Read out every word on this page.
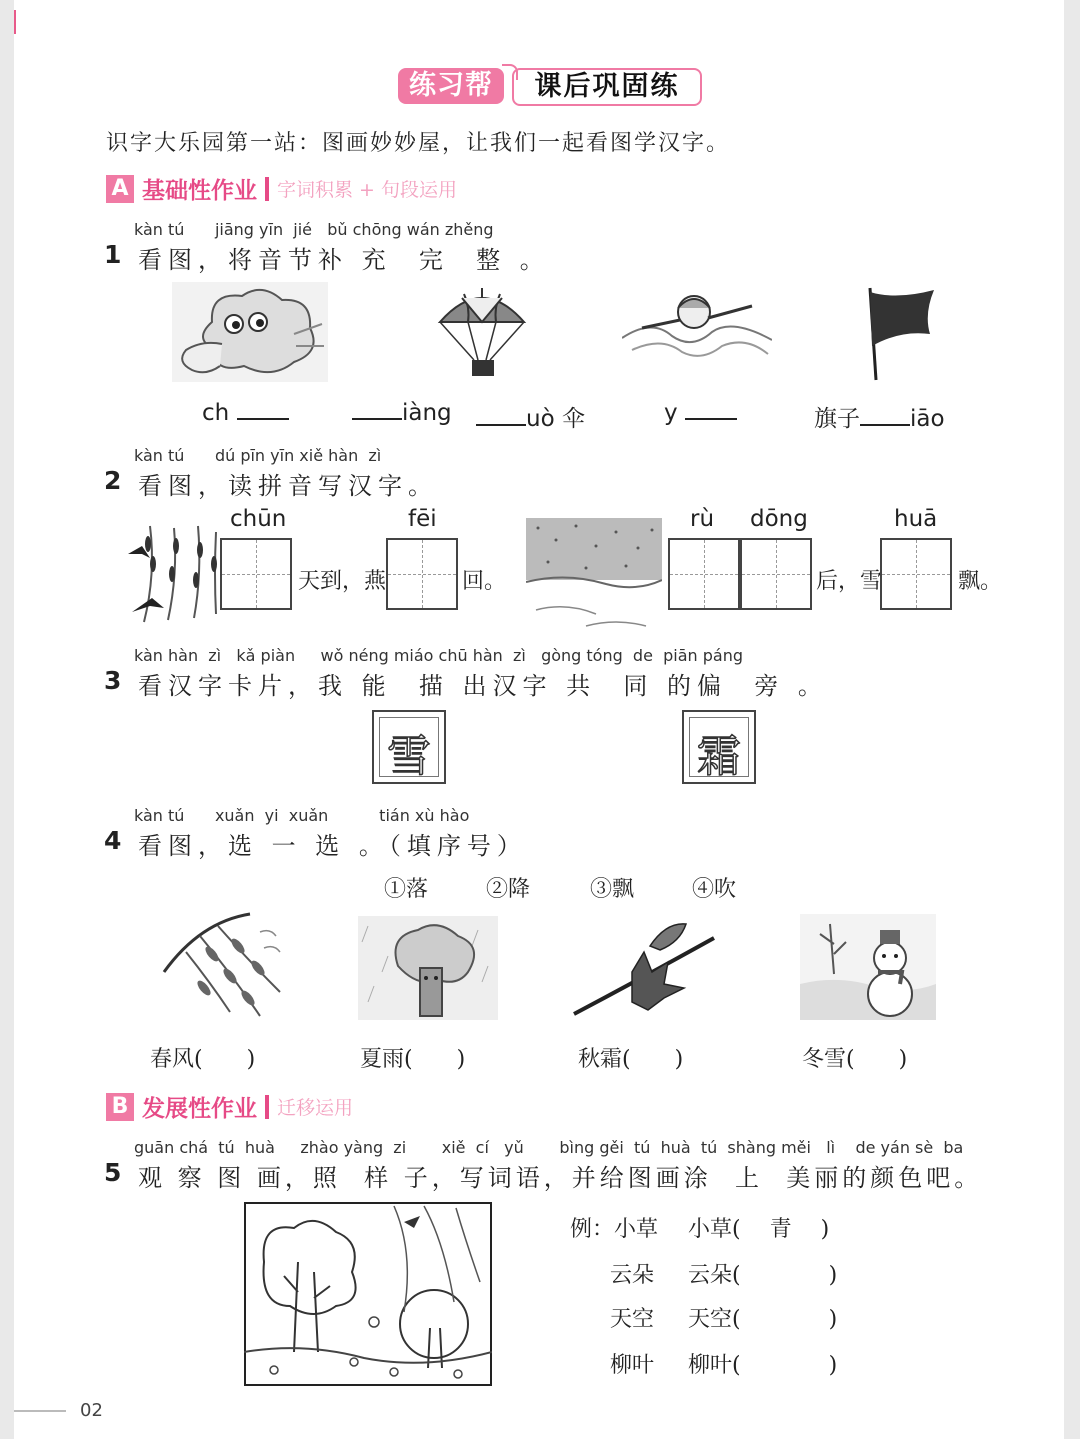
练习帮	课后巩固练
识字大乐园第一站：图画妙妙屋，让我们一起看图学汉字。
A 基础性作业 字词积累 + 句段运用
kàn tú      jiāng yīn  jié   bǔ chōng wán zhěng
1 看图，将音节补 充  完  整 。
ch	iàng	uò 伞	y	旗子 iāo
kàn tú      dú pīn yīn xiě hàn  zì
2 看图，读拼音写汉字。
chūn
天到，燕
fēi
回。
rù dōng
后，雪
huā
飘。
kàn hàn  zì   kǎ piàn     wǒ néng miáo chū hàn  zì   gòng tóng  de  piān páng
3 看汉字卡片，我 能  描 出汉字 共  同 的偏  旁 。
雪	霜
kàn tú      xuǎn  yi  xuǎn          tián xù hào
4 看图，选 一 选 。（填序号）
①落	②降	③飘	④吹
春风(　　)	夏雨(　　)	秋霜(　　)	冬雪(　　)
B 发展性作业 迁移运用
guān chá  tú  huà     zhào yàng  zi       xiě  cí   yǔ       bìng gěi  tú  huà  tú  shàng měi   lì    de yán sè  ba
5 观 察 图 画，照  样 子，写词语，并给图画涂  上  美丽的颜色吧。
例：小草 小草(　 青 　)
云朵 云朵(　　　　)
天空 天空(　　　　)
柳叶 柳叶(　　　　)
02
